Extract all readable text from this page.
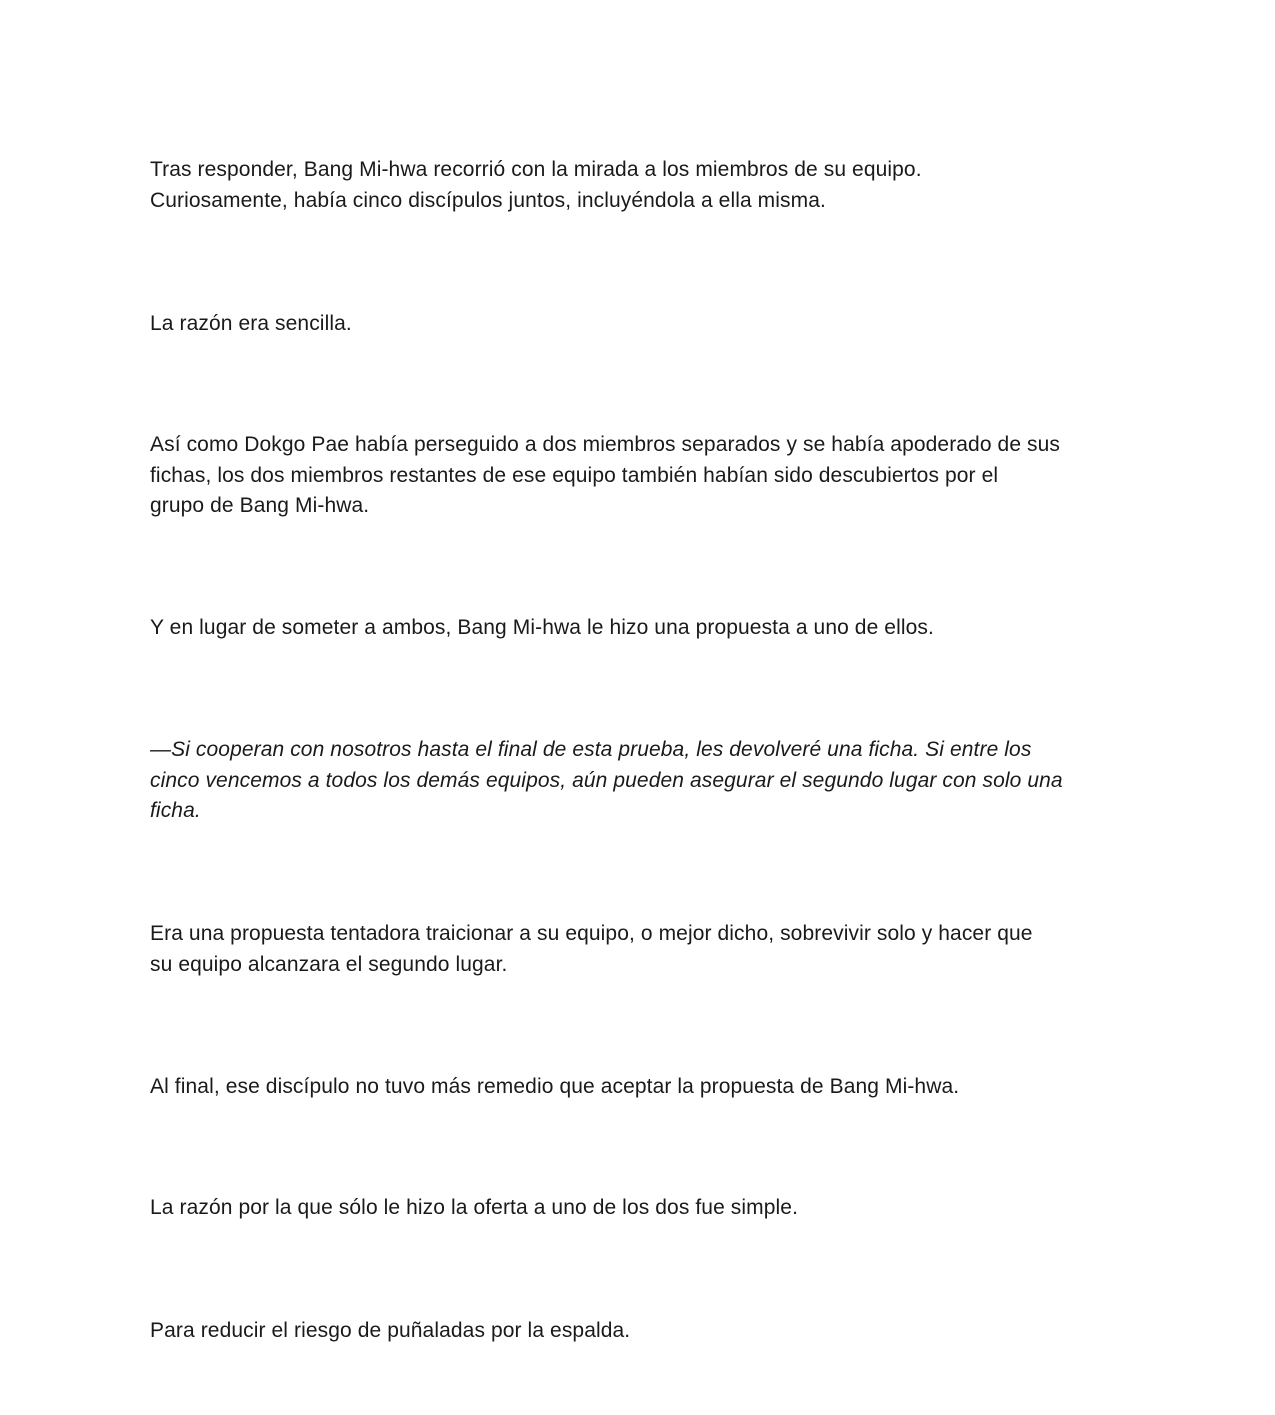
Tras responder, Bang Mi-hwa recorrió con la mirada a los miembros de su equipo.
Curiosamente, había cinco discípulos juntos, incluyéndola a ella misma.

La razón era sencilla.

Así como Dokgo Pae había perseguido a dos miembros separados y se había apoderado de sus
fichas, los dos miembros restantes de ese equipo también habían sido descubiertos por el
grupo de Bang Mi-hwa.

Y en lugar de someter a ambos, Bang Mi-hwa le hizo una propuesta a uno de ellos.

—Si cooperan con nosotros hasta el final de esta prueba, les devolveré una ficha. Si entre los
cinco vencemos a todos los demás equipos, aún pueden asegurar el segundo lugar con solo una
ficha.

Era una propuesta tentadora traicionar a su equipo, o mejor dicho, sobrevivir solo y hacer que
su equipo alcanzara el segundo lugar.

Al final, ese discípulo no tuvo más remedio que aceptar la propuesta de Bang Mi-hwa.

La razón por la que sólo le hizo la oferta a uno de los dos fue simple.

Para reducir el riesgo de puñaladas por la espalda.
